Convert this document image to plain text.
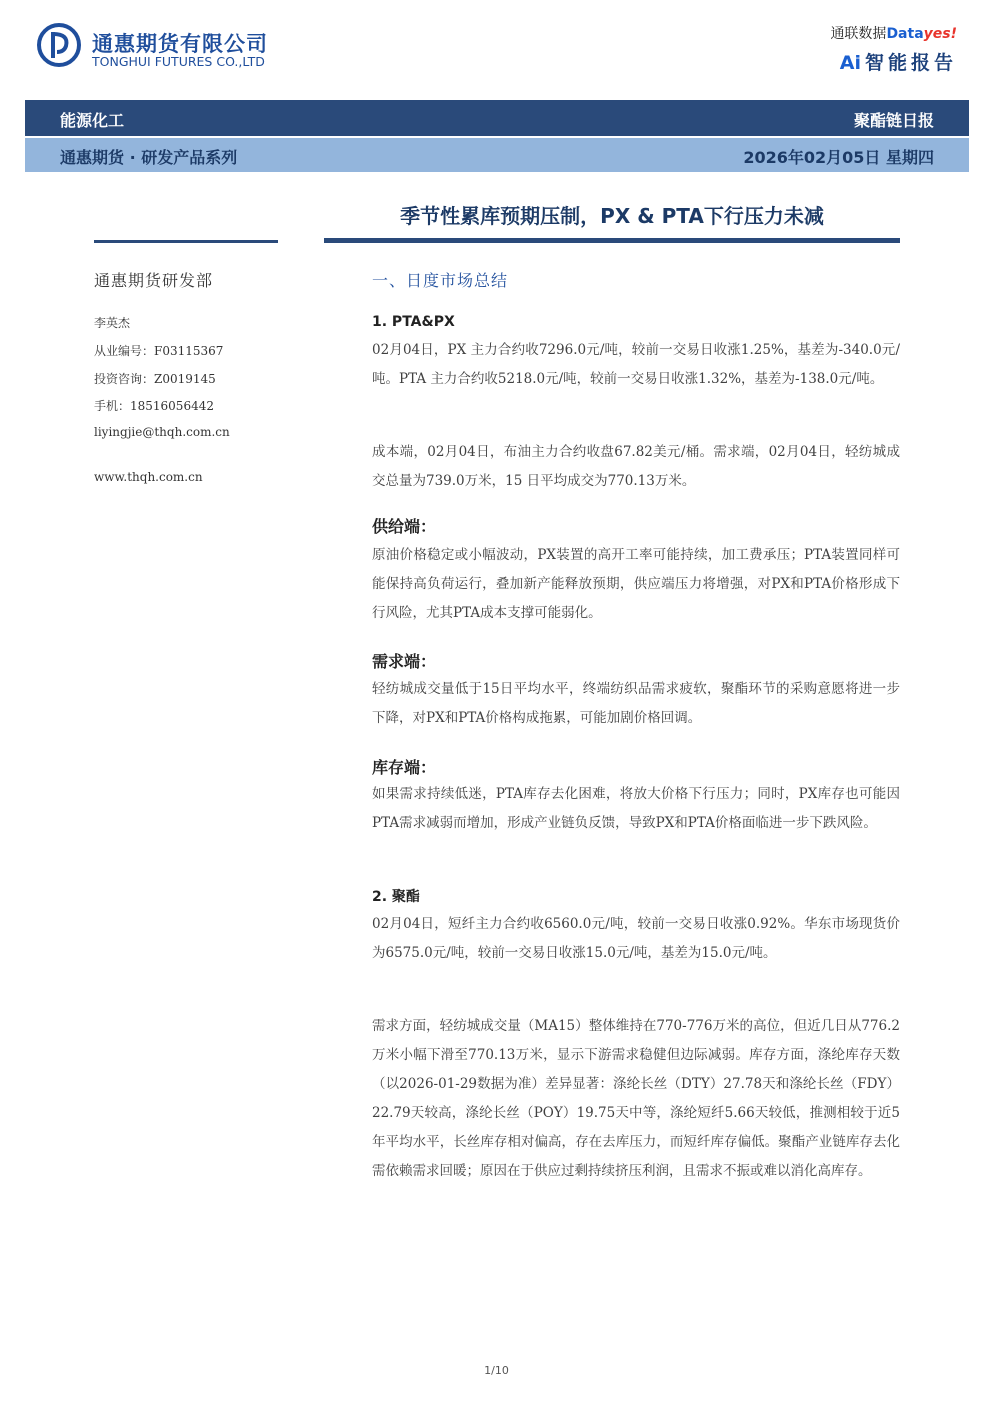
通惠期货有限公司
TONGHUI FUTURES CO.,LTD
通联数据Datayes!
Ai 智能报告
能源化工	聚酯链日报
通惠期货 · 研发产品系列	2026年02月05日 星期四
季节性累库预期压制，PX & PTA下行压力未减
通惠期货研发部
李英杰
从业编号：F03115367
投资咨询：Z0019145
手机：18516056442
liyingjie@thqh.com.cn
www.thqh.com.cn
一、日度市场总结
1. PTA&PX
02月04日，PX 主力合约收7296.0元/吨，较前一交易日收涨1.25%，基差为-340.0元/吨。PTA 主力合约收5218.0元/吨，较前一交易日收涨1.32%，基差为-138.0元/吨。
成本端，02月04日，布油主力合约收盘67.82美元/桶。需求端，02月04日，轻纺城成交总量为739.0万米，15 日平均成交为770.13万米。
供给端：
原油价格稳定或小幅波动，PX装置的高开工率可能持续，加工费承压；PTA装置同样可能保持高负荷运行，叠加新产能释放预期，供应端压力将增强，对PX和PTA价格形成下行风险，尤其PTA成本支撑可能弱化。
需求端：
轻纺城成交量低于15日平均水平，终端纺织品需求疲软，聚酯环节的采购意愿将进一步下降，对PX和PTA价格构成拖累，可能加剧价格回调。
库存端：
如果需求持续低迷，PTA库存去化困难，将放大价格下行压力；同时，PX库存也可能因PTA需求减弱而增加，形成产业链负反馈，导致PX和PTA价格面临进一步下跌风险。
2. 聚酯
02月04日，短纤主力合约收6560.0元/吨，较前一交易日收涨0.92%。华东市场现货价为6575.0元/吨，较前一交易日收涨15.0元/吨，基差为15.0元/吨。
需求方面，轻纺城成交量（MA15）整体维持在770-776万米的高位，但近几日从776.2万米小幅下滑至770.13万米，显示下游需求稳健但边际减弱。库存方面，涤纶库存天数（以2026-01-29数据为准）差异显著：涤纶长丝（DTY）27.78天和涤纶长丝（FDY）22.79天较高，涤纶长丝（POY）19.75天中等，涤纶短纤5.66天较低，推测相较于近5年平均水平，长丝库存相对偏高，存在去库压力，而短纤库存偏低。聚酯产业链库存去化需依赖需求回暖；原因在于供应过剩持续挤压利润，且需求不振或难以消化高库存。
1/10
